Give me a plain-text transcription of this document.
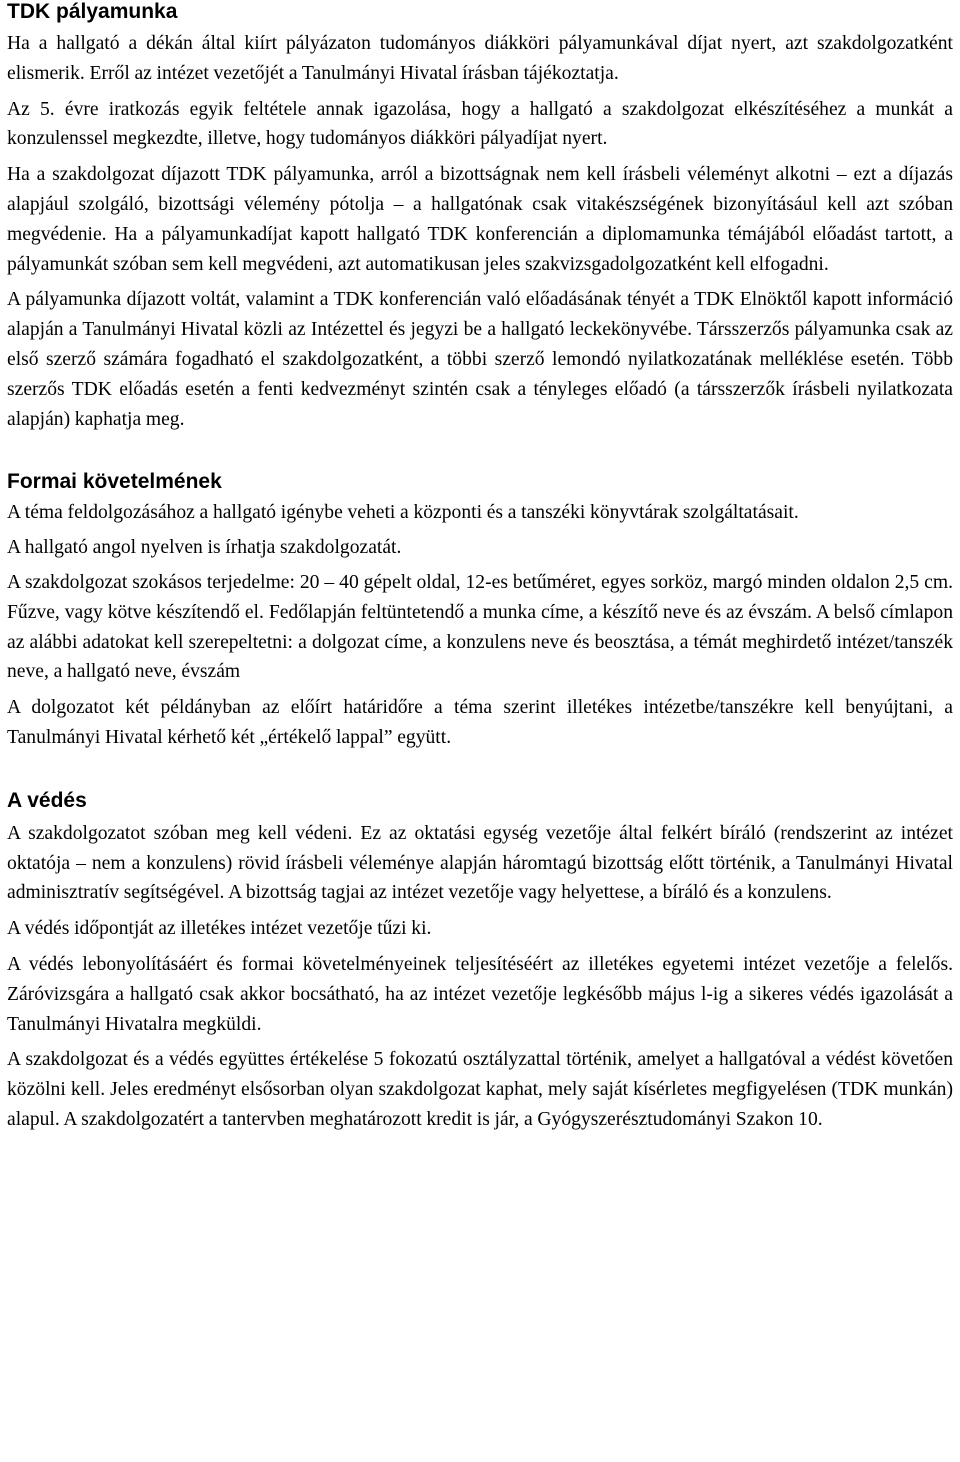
TDK pályamunka

Ha a hallgató a dékán által kiírt pályázaton tudományos diákköri pályamunkával díjat nyert, azt szakdolgozatként elismerik. Erről az intézet vezetőjét a Tanulmányi Hivatal írásban tájékoztatja.

Az 5. évre iratkozás egyik feltétele annak igazolása, hogy a hallgató a szakdolgozat elkészítéséhez a munkát a konzulenssel megkezdte, illetve, hogy tudományos diákköri pályadíjat nyert.

Ha a szakdolgozat díjazott TDK pályamunka, arról a bizottságnak nem kell írásbeli véleményt alkotni – ezt a díjazás alapjául szolgáló, bizottsági vélemény pótolja – a hallgatónak csak vitakészségének bizonyításául kell azt szóban megvédenie. Ha a pályamunkadíjat kapott hallgató TDK konferencián a diplomamunka témájából előadást tartott, a pályamunkát szóban sem kell megvédeni, azt automatikusan jeles szakvizsgadolgozatként kell elfogadni.

A pályamunka díjazott voltát, valamint a TDK konferencián való előadásának tényét a TDK Elnöktől kapott információ alapján a Tanulmányi Hivatal közli az Intézettel és jegyzi be a hallgató leckekönyvébe. Társszerzős pályamunka csak az első szerző számára fogadható el szakdolgozatként, a többi szerző lemondó nyilatkozatának melléklése esetén. Több szerzős TDK előadás esetén a fenti kedvezményt szintén csak a tényleges előadó (a társszerzők írásbeli nyilatkozata alapján) kaphatja meg.

Formai követelmének

A téma feldolgozásához a hallgató igénybe veheti a központi és a tanszéki könyvtárak szolgáltatásait.

A hallgató angol nyelven is írhatja szakdolgozatát.

A szakdolgozat szokásos terjedelme: 20 – 40 gépelt oldal, 12-es betűméret, egyes sorköz, margó minden oldalon 2,5 cm. Fűzve, vagy kötve készítendő el. Fedőlapján feltüntetendő a munka címe, a készítő neve és az évszám. A belső címlapon az alábbi adatokat kell szerepeltetni: a dolgozat címe, a konzulens neve és beosztása, a témát meghirdető intézet/tanszék neve, a hallgató neve, évszám

A dolgozatot két példányban az előírt határidőre a téma szerint illetékes intézetbe/tanszékre kell benyújtani, a Tanulmányi Hivatal kérhető két „értékelő lappal” együtt.

A védés

A szakdolgozatot szóban meg kell védeni. Ez az oktatási egység vezetője által felkért bíráló (rendszerint az intézet oktatója – nem a konzulens) rövid írásbeli véleménye alapján háromtagú bizottság előtt történik, a Tanulmányi Hivatal adminisztratív segítségével. A bizottság tagjai az intézet vezetője vagy helyettese, a bíráló és a konzulens.

A védés időpontját az illetékes intézet vezetője tűzi ki.

A védés lebonyolításáért és formai követelményeinek teljesítéséért az illetékes egyetemi intézet vezetője a felelős. Záróvizsgára a hallgató csak akkor bocsátható, ha az intézet vezetője legkésőbb május l-ig a sikeres védés igazolását a Tanulmányi Hivatalra megküldi.

A szakdolgozat és a védés együttes értékelése 5 fokozatú osztályzattal történik, amelyet a hallgatóval a védést követően közölni kell. Jeles eredményt elsősorban olyan szakdolgozat kaphat, mely saját kísérletes megfigyelésen (TDK munkán) alapul. A szakdolgozatért a tantervben meghatározott kredit is jár, a Gyógyszerésztudományi Szakon 10.
